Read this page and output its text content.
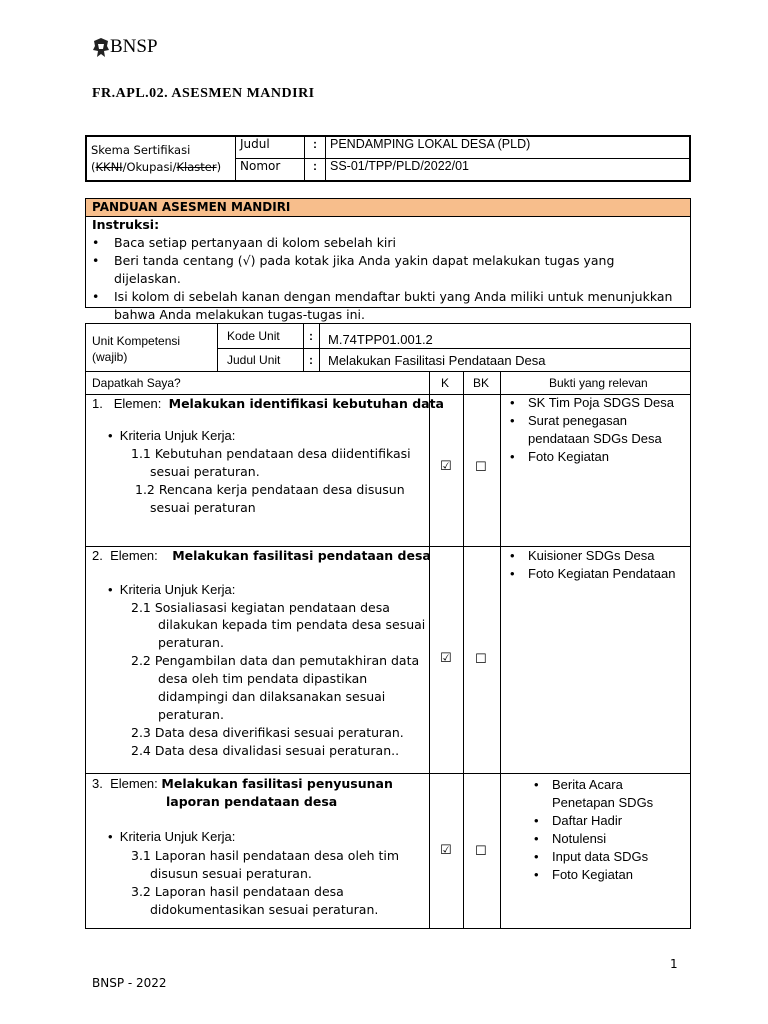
BNSP
FR.APL.02. ASESMEN MANDIRI
Skema Sertifikasi
(KKNI/Okupasi/Klaster)	Judul	:	PENDAMPING LOKAL DESA (PLD)
	Nomor	:	SS-01/TPP/PLD/2022/01
PANDUAN ASESMEN MANDIRI
Instruksi:
• Baca setiap pertanyaan di kolom sebelah kiri
• Beri tanda centang (√) pada kotak jika Anda yakin dapat melakukan tugas yang dijelaskan.
• Isi kolom di sebelah kanan dengan mendaftar bukti yang Anda miliki untuk menunjukkan bahwa Anda melakukan tugas-tugas ini.
Unit Kompetensi (wajib)
Kode Unit : M.74TPP01.001.2
Judul Unit : Melakukan Fasilitasi Pendataan Desa
Dapatkah Saya?	K BK	Bukti yang relevan
1. Elemen: Melakukan identifikasi kebutuhan data
•  Kriteria Unjuk Kerja:
1.1 Kebutuhan pendataan desa diidentifikasi
sesuai peraturan.
1.2 Rencana kerja pendataan desa disusun
sesuai peraturan
☑ ☐
• SK Tim Poja SDGS Desa
• Surat penegasan
pendataan SDGs Desa
• Foto Kegiatan
2. Elemen: Melakukan fasilitasi pendataan desa
•  Kriteria Unjuk Kerja:
2.1 Sosialiasasi kegiatan pendataan desa
dilakukan kepada tim pendata desa sesuai
peraturan.
2.2 Pengambilan data dan pemutakhiran data
desa oleh tim pendata dipastikan
didampingi dan dilaksanakan sesuai
peraturan.
2.3 Data desa diverifikasi sesuai peraturan.
2.4 Data desa divalidasi sesuai peraturan..
☑ ☐
• Kuisioner SDGs Desa
• Foto Kegiatan Pendataan
3. Elemen: Melakukan fasilitasi penyusunan
laporan pendataan desa
•  Kriteria Unjuk Kerja:
3.1 Laporan hasil pendataan desa oleh tim
disusun sesuai peraturan.
3.2 Laporan hasil pendataan desa
didokumentasikan sesuai peraturan.
☑ ☐
• Berita Acara
Penetapan SDGs
• Daftar Hadir
• Notulensi
• Input data SDGs
• Foto Kegiatan
1
BNSP - 2022
